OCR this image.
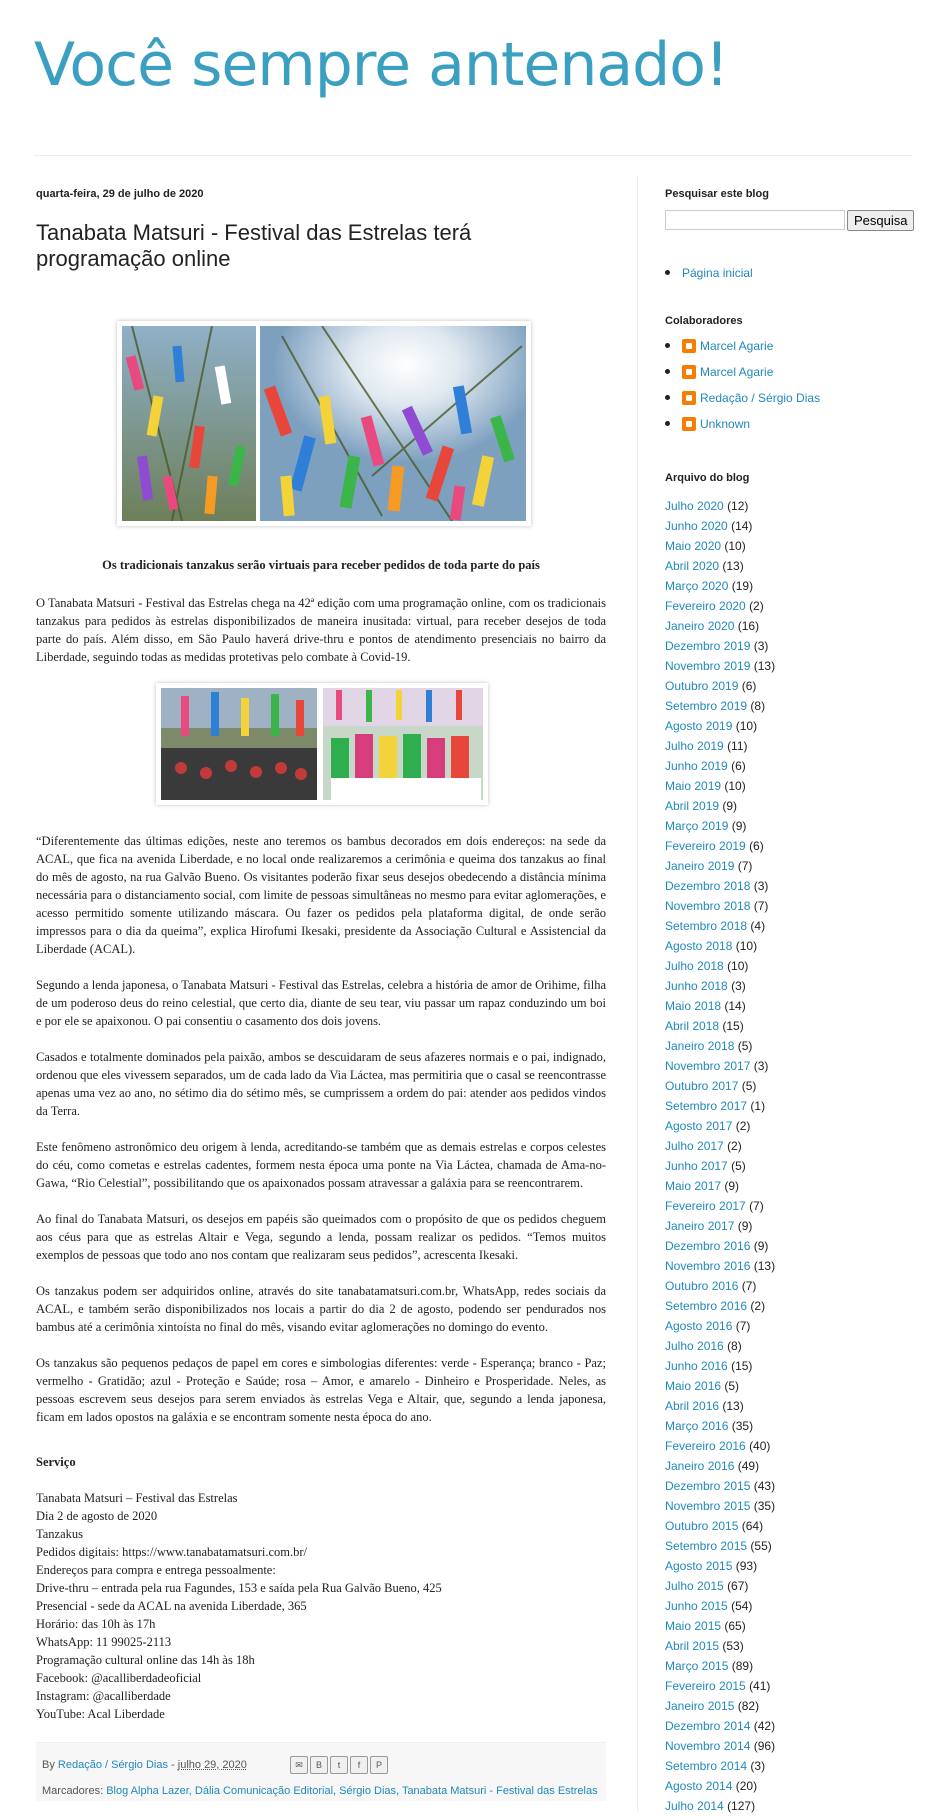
Você sempre antenado!
quarta-feira, 29 de julho de 2020
Tanabata Matsuri - Festival das Estrelas terá programação online
Os tradicionais tanzakus serão virtuais para receber pedidos de toda parte do país

O Tanabata Matsuri - Festival das Estrelas chega na 42ª edição com uma programação online, com os tradicionais tanzakus para pedidos às estrelas disponibilizados de maneira inusitada: virtual, para receber desejos de toda parte do país. Além disso, em São Paulo haverá drive-thru e pontos de atendimento presenciais no bairro da Liberdade, seguindo todas as medidas protetivas pelo combate à Covid-19.

“Diferentemente das últimas edições, neste ano teremos os bambus decorados em dois endereços: na sede da ACAL, que fica na avenida Liberdade, e no local onde realizaremos a cerimônia e queima dos tanzakus ao final do mês de agosto, na rua Galvão Bueno. Os visitantes poderão fixar seus desejos obedecendo a distância mínima necessária para o distanciamento social, com limite de pessoas simultâneas no mesmo para evitar aglomerações, e acesso permitido somente utilizando máscara. Ou fazer os pedidos pela plataforma digital, de onde serão impressos para o dia da queima”, explica Hirofumi Ikesaki, presidente da Associação Cultural e Assistencial da Liberdade (ACAL).

Segundo a lenda japonesa, o Tanabata Matsuri - Festival das Estrelas, celebra a história de amor de Orihime, filha de um poderoso deus do reino celestial, que certo dia, diante de seu tear, viu passar um rapaz conduzindo um boi e por ele se apaixonou. O pai consentiu o casamento dos dois jovens.

Casados e totalmente dominados pela paixão, ambos se descuidaram de seus afazeres normais e o pai, indignado, ordenou que eles vivessem separados, um de cada lado da Via Láctea, mas permitiria que o casal se reencontrasse apenas uma vez ao ano, no sétimo dia do sétimo mês, se cumprissem a ordem do pai: atender aos pedidos vindos da Terra.

Este fenômeno astronômico deu origem à lenda, acreditando-se também que as demais estrelas e corpos celestes do céu, como cometas e estrelas cadentes, formem nesta época uma ponte na Via Láctea, chamada de Ama-no-Gawa, “Rio Celestial”, possibilitando que os apaixonados possam atravessar a galáxia para se reencontrarem.

Ao final do Tanabata Matsuri, os desejos em papéis são queimados com o propósito de que os pedidos cheguem aos céus para que as estrelas Altair e Vega, segundo a lenda, possam realizar os pedidos. “Temos muitos exemplos de pessoas que todo ano nos contam que realizaram seus pedidos”, acrescenta Ikesaki.

Os tanzakus podem ser adquiridos online, através do site tanabatamatsuri.com.br, WhatsApp, redes sociais da ACAL, e também serão disponibilizados nos locais a partir do dia 2 de agosto, podendo ser pendurados nos bambus até a cerimônia xintoísta no final do mês, visando evitar aglomerações no domingo do evento.

Os tanzakus são pequenos pedaços de papel em cores e simbologias diferentes: verde - Esperança; branco - Paz; vermelho - Gratidão; azul - Proteção e Saúde; rosa – Amor, e amarelo - Dinheiro e Prosperidade. Neles, as pessoas escrevem seus desejos para serem enviados às estrelas Vega e Altair, que, segundo a lenda japonesa, ficam em lados opostos na galáxia e se encontram somente nesta época do ano.

Serviço
Tanabata Matsuri – Festival das Estrelas
Dia 2 de agosto de 2020
Tanzakus
Pedidos digitais: https://www.tanabatamatsuri.com.br/
Endereços para compra e entrega pessoalmente:
Drive-thru – entrada pela rua Fagundes, 153 e saída pela Rua Galvão Bueno, 425
Presencial - sede da ACAL na avenida Liberdade, 365
Horário: das 10h às 17h
WhatsApp: 11 99025-2113
Programação cultural online das 14h às 18h
Facebook: @acalliberdadeoficial
Instagram: @acalliberdade
YouTube: Acal Liberdade
By Redação / Sérgio Dias - julho 29, 2020	✉	B	t	f	P
Marcadores: Blog Alpha Lazer, Dália Comunicação Editorial, Sérgio Dias, Tanabata Matsuri - Festival das Estrelas
Pesquisar este blog
Pesquisa
Página inicial
Colaboradores
Marcel Agarie
Marcel Agarie
Redação / Sérgio Dias
Unknown
Arquivo do blog
Julho 2020 (12)
Junho 2020 (14)
Maio 2020 (10)
Abril 2020 (13)
Março 2020 (19)
Fevereiro 2020 (2)
Janeiro 2020 (16)
Dezembro 2019 (3)
Novembro 2019 (13)
Outubro 2019 (6)
Setembro 2019 (8)
Agosto 2019 (10)
Julho 2019 (11)
Junho 2019 (6)
Maio 2019 (10)
Abril 2019 (9)
Março 2019 (9)
Fevereiro 2019 (6)
Janeiro 2019 (7)
Dezembro 2018 (3)
Novembro 2018 (7)
Setembro 2018 (4)
Agosto 2018 (10)
Julho 2018 (10)
Junho 2018 (3)
Maio 2018 (14)
Abril 2018 (15)
Janeiro 2018 (5)
Novembro 2017 (3)
Outubro 2017 (5)
Setembro 2017 (1)
Agosto 2017 (2)
Julho 2017 (2)
Junho 2017 (5)
Maio 2017 (9)
Fevereiro 2017 (7)
Janeiro 2017 (9)
Dezembro 2016 (9)
Novembro 2016 (13)
Outubro 2016 (7)
Setembro 2016 (2)
Agosto 2016 (7)
Julho 2016 (8)
Junho 2016 (15)
Maio 2016 (5)
Abril 2016 (13)
Março 2016 (35)
Fevereiro 2016 (40)
Janeiro 2016 (49)
Dezembro 2015 (43)
Novembro 2015 (35)
Outubro 2015 (64)
Setembro 2015 (55)
Agosto 2015 (93)
Julho 2015 (67)
Junho 2015 (54)
Maio 2015 (65)
Abril 2015 (53)
Março 2015 (89)
Fevereiro 2015 (41)
Janeiro 2015 (82)
Dezembro 2014 (42)
Novembro 2014 (96)
Setembro 2014 (3)
Agosto 2014 (20)
Julho 2014 (127)
